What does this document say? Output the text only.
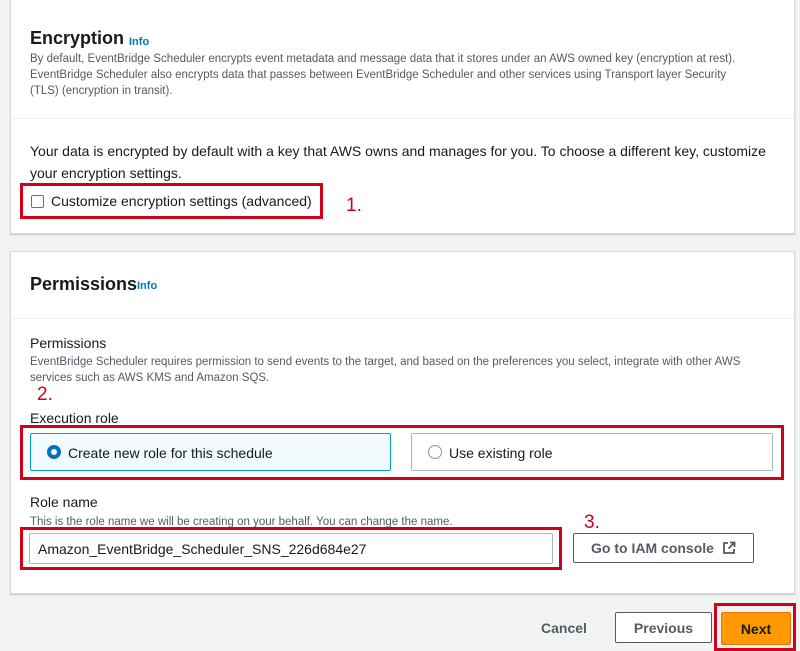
Encryption Info
By default, EventBridge Scheduler encrypts event metadata and message data that it stores under an AWS owned key (encryption at rest).
EventBridge Scheduler also encrypts data that passes between EventBridge Scheduler and other services using Transport layer Security
(TLS) (encryption in transit).
Your data is encrypted by default with a key that AWS owns and manages for you. To choose a different key, customize
your encryption settings.
Customize encryption settings (advanced) 1.
Permissions Info
Permissions
EventBridge Scheduler requires permission to send events to the target, and based on the preferences you select, integrate with other AWS
services such as AWS KMS and Amazon SQS.
Execution role
Role name
This is the role name we will be creating on your behalf. You can change the name.
2.
Create new role for this schedule	Use existing role
3.
Amazon_EventBridge_Scheduler_SNS_226d684e27
Go to IAM console
Cancel	Previous	Next
